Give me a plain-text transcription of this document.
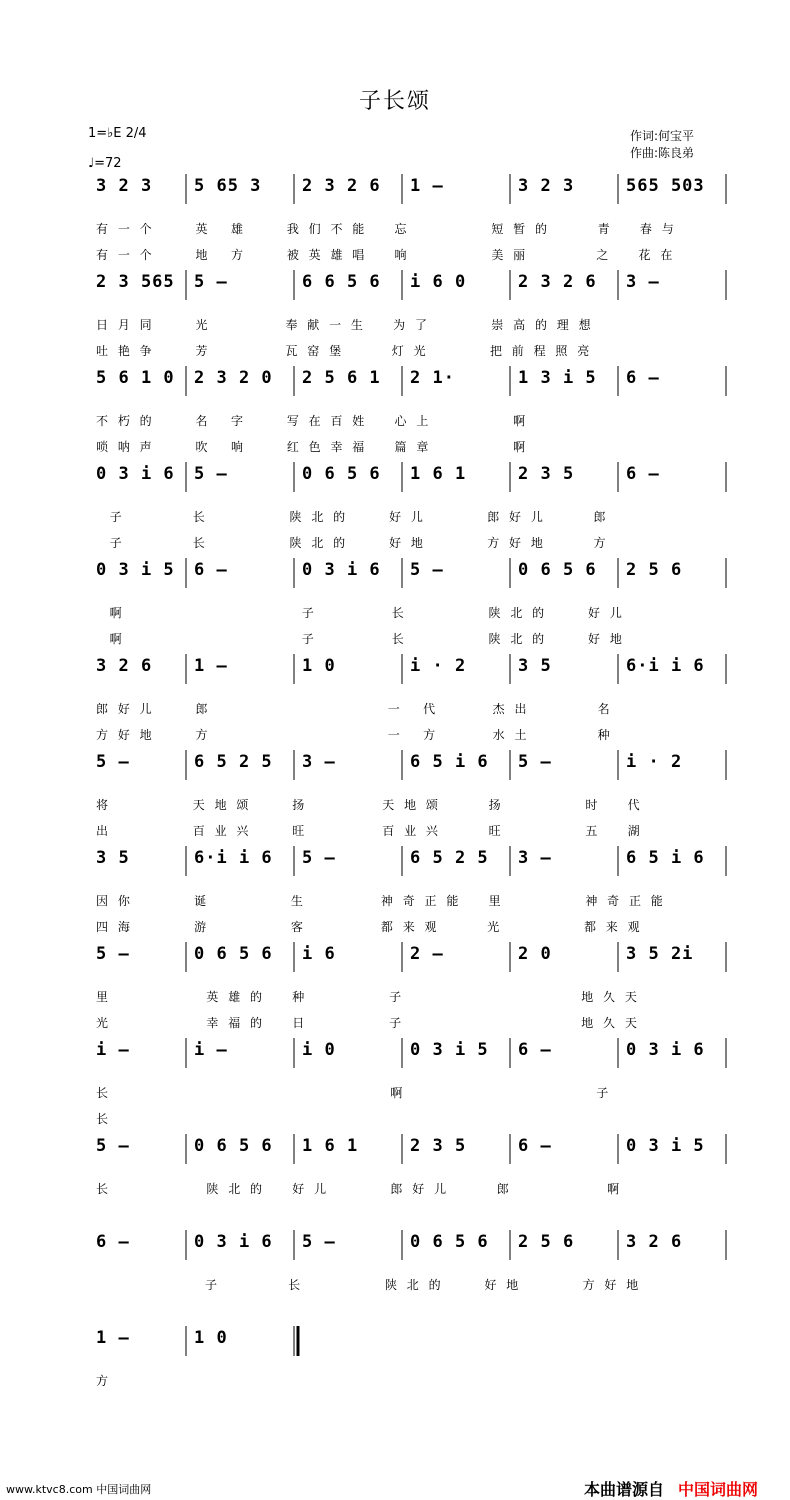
子长颂
1=♭E 2/4
♩=72
作词:何宝平
作曲:陈良弟
3 2 3 5 65 3 2 3 2 6 1 –	3 2 3	565 503
有 一 个      英   雄      我 们 不 能    忘            短 暂 的       青    春 与
有 一 个      地   方      被 英 雄 唱    响            美 丽          之    花 在
2 3 565 5 –	6 6 5 6 i 6 0	2 3 2 6 3 –
日 月 同      光           奉 献 一 生    为 了         崇 高 的 理 想
吐 艳 争      芳           瓦 窑 堡       灯 光         把 前 程 照 亮
5 6 1 0 2 3 2 0 2 5 6 1 2 1·	1 3 i 5 6 –
不 朽 的      名   字      写 在 百 姓    心 上            啊
唢 呐 声      吹   响      红 色 幸 福    篇 章            啊
0 3 i 6 5 –	0 6 5 6 1 6 1	2 3 5	6 –
子          长            陕 北 的      好 儿         郎 好 儿       郎
子          长            陕 北 的      好 地         方 好 地       方
0 3 i 5 6 –	0 3 i 6 5 –	0 6 5 6 2 5 6
啊                          子           长            陕 北 的      好 儿
啊                          子           长            陕 北 的      好 地
3 2 6 1 –	1 0	i · 2	3 5	6·i i 6
郎 好 儿      郎                          一   代        杰 出          名
方 好 地      方                          一   方        水 土          种
5 –	6 5 2 5 3 –	6 5 i 6 5 –	i · 2
将            天 地 颂      扬           天 地 颂       扬            时    代
出            百 业 兴      旺           百 业 兴       旺            五    湖
3 5	6·i i 6 5 –	6 5 2 5 3 –	6 5 i 6
因 你         诞            生           神 奇 正 能    里            神 奇 正 能
四 海         游            客           都 来 观       光            都 来 观
5 –	0 6 5 6 i 6	2 –	2 0	3 5 2i
里              英 雄 的    种            子                          地 久 天
光              幸 福 的    日            子                          地 久 天
i –	i –	i 0	0 3 i 5 6 –	0 3 i 6
长                                         啊                            子
长
5 –	0 6 5 6 1 6 1	2 3 5	6 –	0 3 i 5
长              陕 北 的    好 儿         郎 好 儿       郎              啊
6 –	0 3 i 6 5 –	0 6 5 6 2 5 6	3 2 6
子          长            陕 北 的      好 地         方 好 地
1 –	1 0
方
www.ktvc8.com 中国词曲网	本曲谱源自 中国词曲网
